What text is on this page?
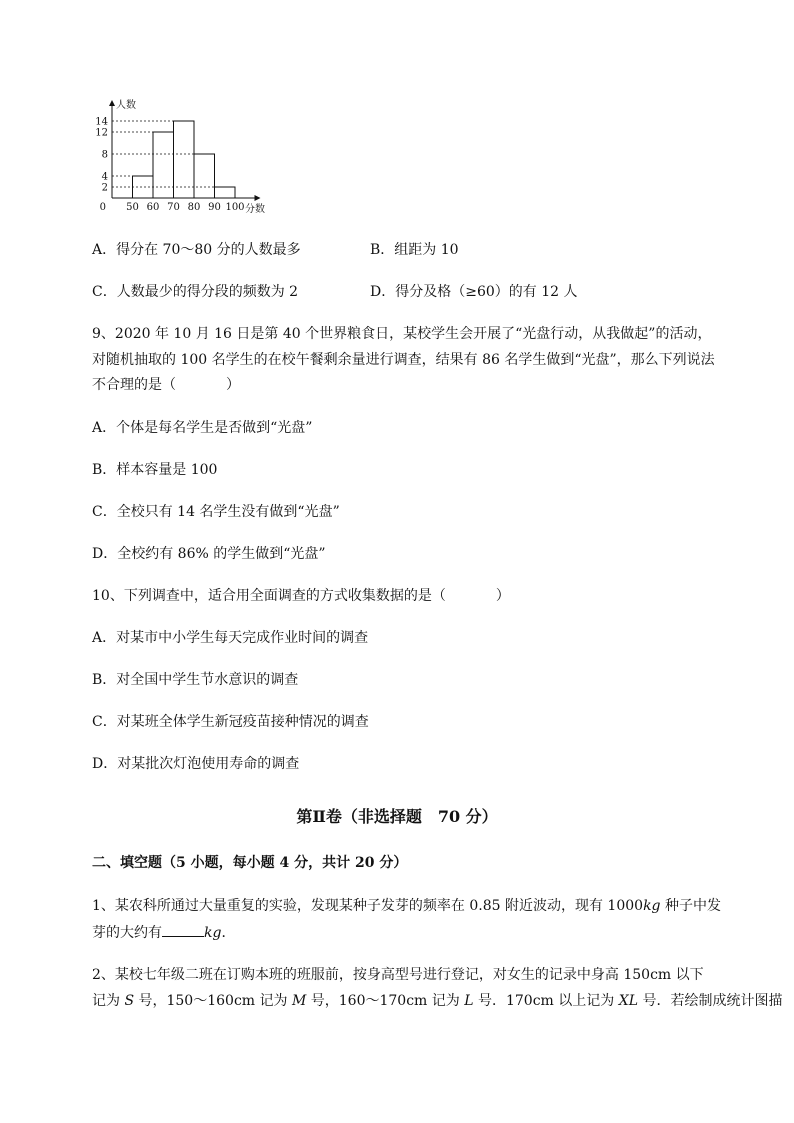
人数
2
4
8
12
14
0 50 60 70 80 90 100 分数
A．得分在 70～80 分的人数最多	B．组距为 10
C．人数最少的得分段的频数为 2	D．得分及格（≥60）的有 12 人
9、2020 年 10 月 16 日是第 40 个世界粮食日，某校学生会开展了“光盘行动，从我做起”的活动，
对随机抽取的 100 名学生的在校午餐剩余量进行调查，结果有 86 名学生做到“光盘”，那么下列说法
不合理的是（	）
A．个体是每名学生是否做到“光盘”
B．样本容量是 100
C．全校只有 14 名学生没有做到“光盘”
D．全校约有 86% 的学生做到“光盘”
10、下列调查中，适合用全面调查的方式收集数据的是（	）
A．对某市中小学生每天完成作业时间的调查
B．对全国中学生节水意识的调查
C．对某班全体学生新冠疫苗接种情况的调查
D．对某批次灯泡使用寿命的调查
第Ⅱ卷（非选择题　70 分）
二、填空题（5 小题，每小题 4 分，共计 20 分）
1、某农科所通过大量重复的实验，发现某种子发芽的频率在 0.85 附近波动，现有 1000kg 种子中发
芽的大约有	kg．
2、某校七年级二班在订购本班的班服前，按身高型号进行登记，对女生的记录中身高 150cm 以下
记为 S 号，150～160cm 记为 M 号，160～170cm 记为 L 号．170cm 以上记为 XL 号．若绘制成统计图描
